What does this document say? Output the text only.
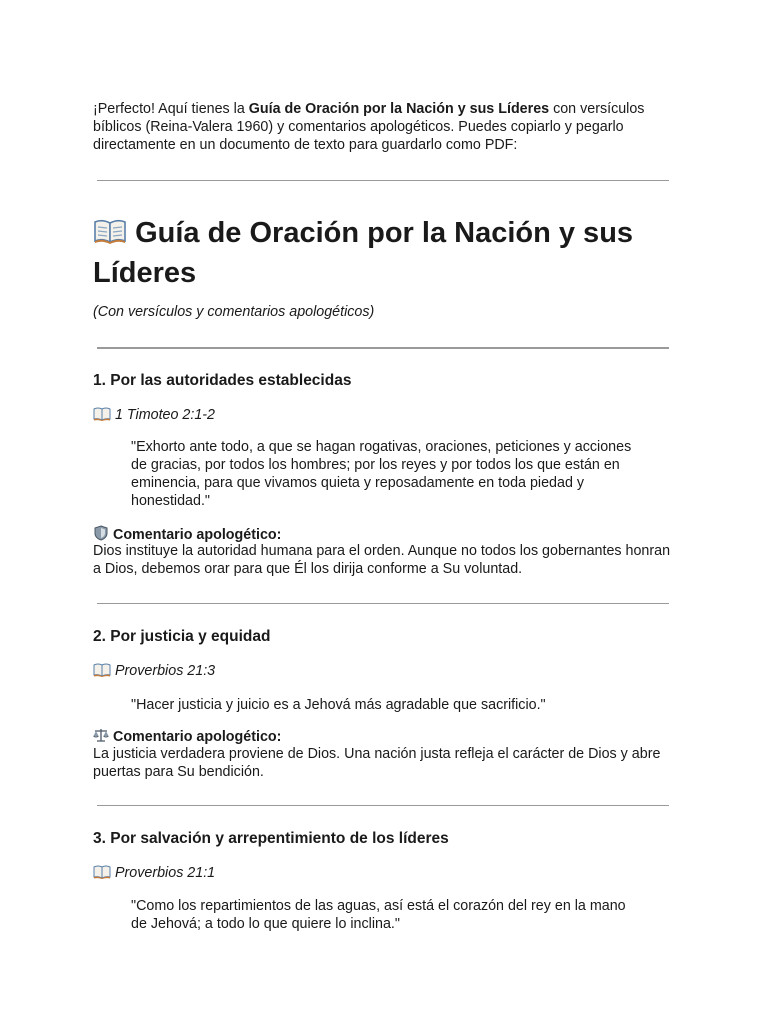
¡Perfecto! Aquí tienes la Guía de Oración por la Nación y sus Líderes con versículos bíblicos (Reina-Valera 1960) y comentarios apologéticos. Puedes copiarlo y pegarlo directamente en un documento de texto para guardarlo como PDF:

Guía de Oración por la Nación y sus
Líderes

(Con versículos y comentarios apologéticos)

1. Por las autoridades establecidas

1 Timoteo 2:1-2

"Exhorto ante todo, a que se hagan rogativas, oraciones, peticiones y acciones de gracias, por todos los hombres; por los reyes y por todos los que están en eminencia, para que vivamos quieta y reposadamente en toda piedad y honestidad."

Comentario apologético:

Dios instituye la autoridad humana para el orden. Aunque no todos los gobernantes honran a Dios, debemos orar para que Él los dirija conforme a Su voluntad.

2. Por justicia y equidad

Proverbios 21:3

"Hacer justicia y juicio es a Jehová más agradable que sacrificio."

Comentario apologético:

La justicia verdadera proviene de Dios. Una nación justa refleja el carácter de Dios y abre puertas para Su bendición.

3. Por salvación y arrepentimiento de los líderes

Proverbios 21:1

"Como los repartimientos de las aguas, así está el corazón del rey en la mano de Jehová; a todo lo que quiere lo inclina."
